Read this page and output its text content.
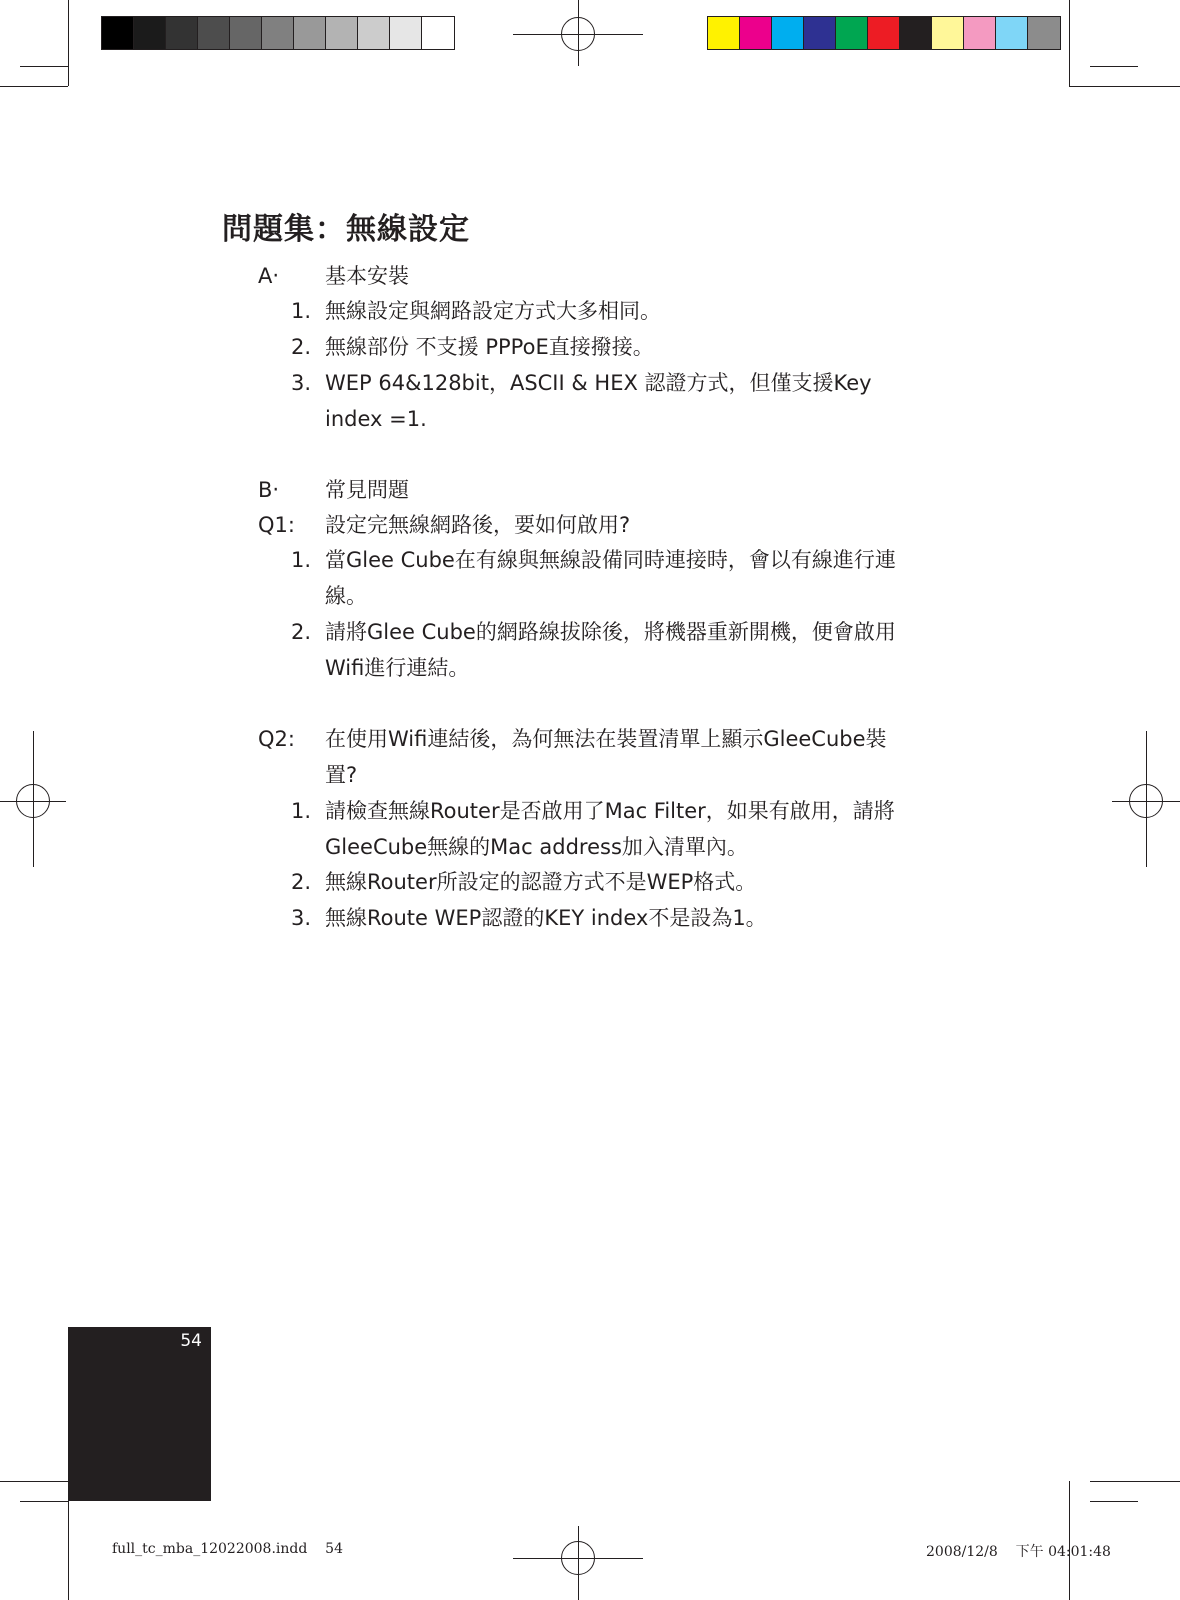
問題集：無線設定
A‧ 基本安裝
1. 無線設定與網路設定方式大多相同。
2. 無線部份 不支援 PPPoE直接撥接。
3. WEP 64&128bit，ASCII & HEX 認證方式，但僅支援Key
index =1.
B‧ 常見問題
Q1: 設定完無線網路後，要如何啟用?
1. 當Glee Cube在有線與無線設備同時連接時，會以有線進行連
線。
2. 請將Glee Cube的網路線拔除後，將機器重新開機，便會啟用
Wifi進行連結。
Q2: 在使用Wifi連結後，為何無法在裝置清單上顯示GleeCube裝
置?
1. 請檢查無線Router是否啟用了Mac Filter，如果有啟用，請將
GleeCube無線的Mac address加入清單內。
2. 無線Router所設定的認證方式不是WEP格式。
3. 無線Route WEP認證的KEY index不是設為1。
54
full_tc_mba_12022008.indd 54	2008/12/8 下午 04:01:48
